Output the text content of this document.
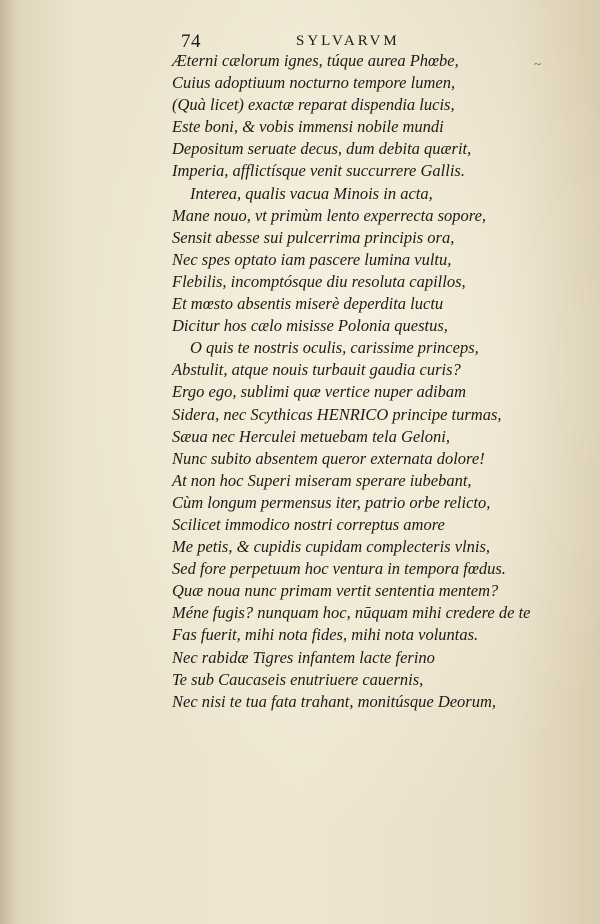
74	SYLVARVM
~
Æterni cælorum ignes, túque aurea Phœbe,
Cuius adoptiuum nocturno tempore lumen,
(Quà licet) exactæ reparat dispendia lucis,
Este boni, & vobis immensi nobile mundi
Depositum seruate decus, dum debita quærit,
Imperia, afflictísque venit succurrere Gallis.
Interea, qualis vacua Minois in acta,
Mane nouo, vt primùm lento experrecta sopore,
Sensit abesse sui pulcerrima principis ora,
Nec spes optato iam pascere lumina vultu,
Flebilis, incomptósque diu resoluta capillos,
Et mœsto absentis miserè deperdita luctu
Dicitur hos cælo misisse Polonia questus,
O quis te nostris oculis, carissime princeps,
Abstulit, atque nouis turbauit gaudia curis?
Ergo ego, sublimi quæ vertice nuper adibam
Sidera, nec Scythicas HENRICO principe turmas,
Sæua nec Herculei metuebam tela Geloni,
Nunc subito absentem queror externata dolore!
At non hoc Superi miseram sperare iubebant,
Cùm longum permensus iter, patrio orbe relicto,
Scilicet immodico nostri correptus amore
Me petis, & cupidis cupidam complecteris vlnis,
Sed fore perpetuum hoc ventura in tempora fœdus.
Quæ noua nunc primam vertit sententia mentem?
Méne fugis? nunquam hoc, nūquam mihi credere de te
Fas fuerit, mihi nota fides, mihi nota voluntas.
Nec rabidæ Tigres infantem lacte ferino
Te sub Caucaseis enutriuere cauernis,
Nec nisi te tua fata trahant, monitúsque Deorum,
